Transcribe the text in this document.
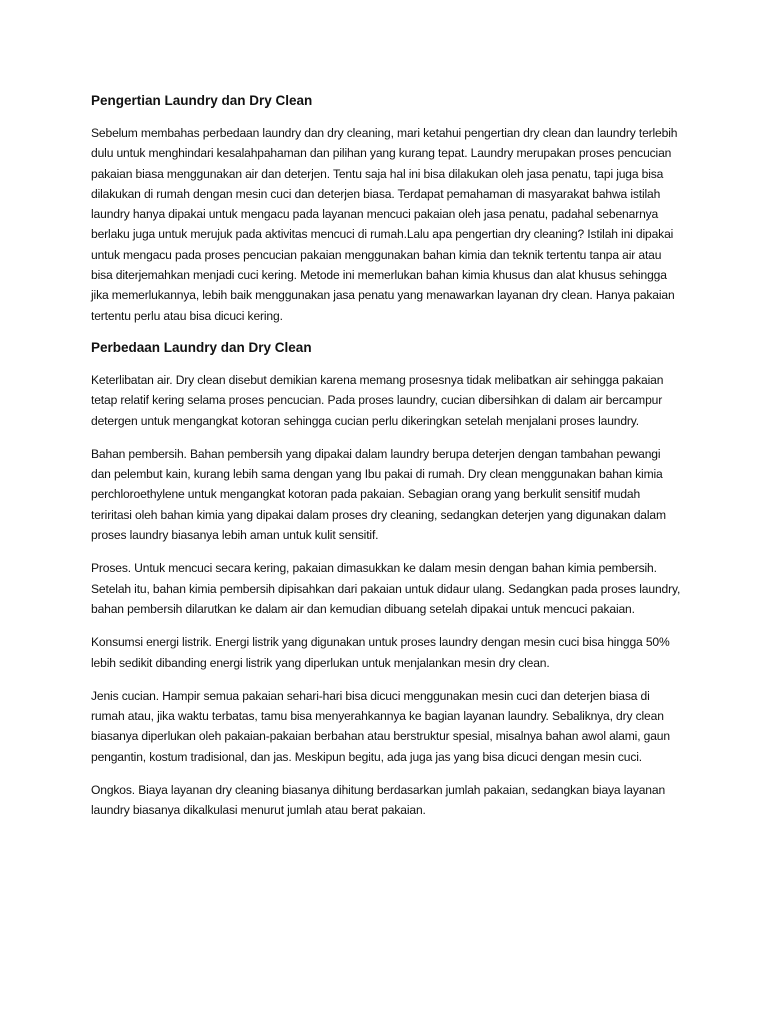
Pengertian Laundry dan Dry Clean

Sebelum membahas perbedaan laundry dan dry cleaning, mari ketahui pengertian dry clean dan laundry terlebih dulu untuk menghindari kesalahpahaman dan pilihan yang kurang tepat. Laundry merupakan proses pencucian pakaian biasa menggunakan air dan deterjen. Tentu saja hal ini bisa dilakukan oleh jasa penatu, tapi juga bisa dilakukan di rumah dengan mesin cuci dan deterjen biasa. Terdapat pemahaman di masyarakat bahwa istilah laundry hanya dipakai untuk mengacu pada layanan mencuci pakaian oleh jasa penatu, padahal sebenarnya berlaku juga untuk merujuk pada aktivitas mencuci di rumah.Lalu apa pengertian dry cleaning? Istilah ini dipakai untuk mengacu pada proses pencucian pakaian menggunakan bahan kimia dan teknik tertentu tanpa air atau bisa diterjemahkan menjadi cuci kering. Metode ini memerlukan bahan kimia khusus dan alat khusus sehingga jika memerlukannya, lebih baik menggunakan jasa penatu yang menawarkan layanan dry clean. Hanya pakaian tertentu perlu atau bisa dicuci kering.

Perbedaan Laundry dan Dry Clean

Keterlibatan air. Dry clean disebut demikian karena memang prosesnya tidak melibatkan air sehingga pakaian tetap relatif kering selama proses pencucian. Pada proses laundry, cucian dibersihkan di dalam air bercampur detergen untuk mengangkat kotoran sehingga cucian perlu dikeringkan setelah menjalani proses laundry.

Bahan pembersih. Bahan pembersih yang dipakai dalam laundry berupa deterjen dengan tambahan pewangi dan pelembut kain, kurang lebih sama dengan yang Ibu pakai di rumah. Dry clean menggunakan bahan kimia perchloroethylene untuk mengangkat kotoran pada pakaian. Sebagian orang yang berkulit sensitif mudah teriritasi oleh bahan kimia yang dipakai dalam proses dry cleaning, sedangkan deterjen yang digunakan dalam proses laundry biasanya lebih aman untuk kulit sensitif.

Proses. Untuk mencuci secara kering, pakaian dimasukkan ke dalam mesin dengan bahan kimia pembersih. Setelah itu, bahan kimia pembersih dipisahkan dari pakaian untuk didaur ulang. Sedangkan pada proses laundry, bahan pembersih dilarutkan ke dalam air dan kemudian dibuang setelah dipakai untuk mencuci pakaian.

Konsumsi energi listrik. Energi listrik yang digunakan untuk proses laundry dengan mesin cuci bisa hingga 50% lebih sedikit dibanding energi listrik yang diperlukan untuk menjalankan mesin dry clean.

Jenis cucian. Hampir semua pakaian sehari-hari bisa dicuci menggunakan mesin cuci dan deterjen biasa di rumah atau, jika waktu terbatas, tamu bisa menyerahkannya ke bagian layanan laundry. Sebaliknya, dry clean biasanya diperlukan oleh pakaian-pakaian berbahan atau berstruktur spesial, misalnya bahan awol alami, gaun pengantin, kostum tradisional, dan jas. Meskipun begitu, ada juga jas yang bisa dicuci dengan mesin cuci.

Ongkos. Biaya layanan dry cleaning biasanya dihitung berdasarkan jumlah pakaian, sedangkan biaya layanan laundry biasanya dikalkulasi menurut jumlah atau berat pakaian.
